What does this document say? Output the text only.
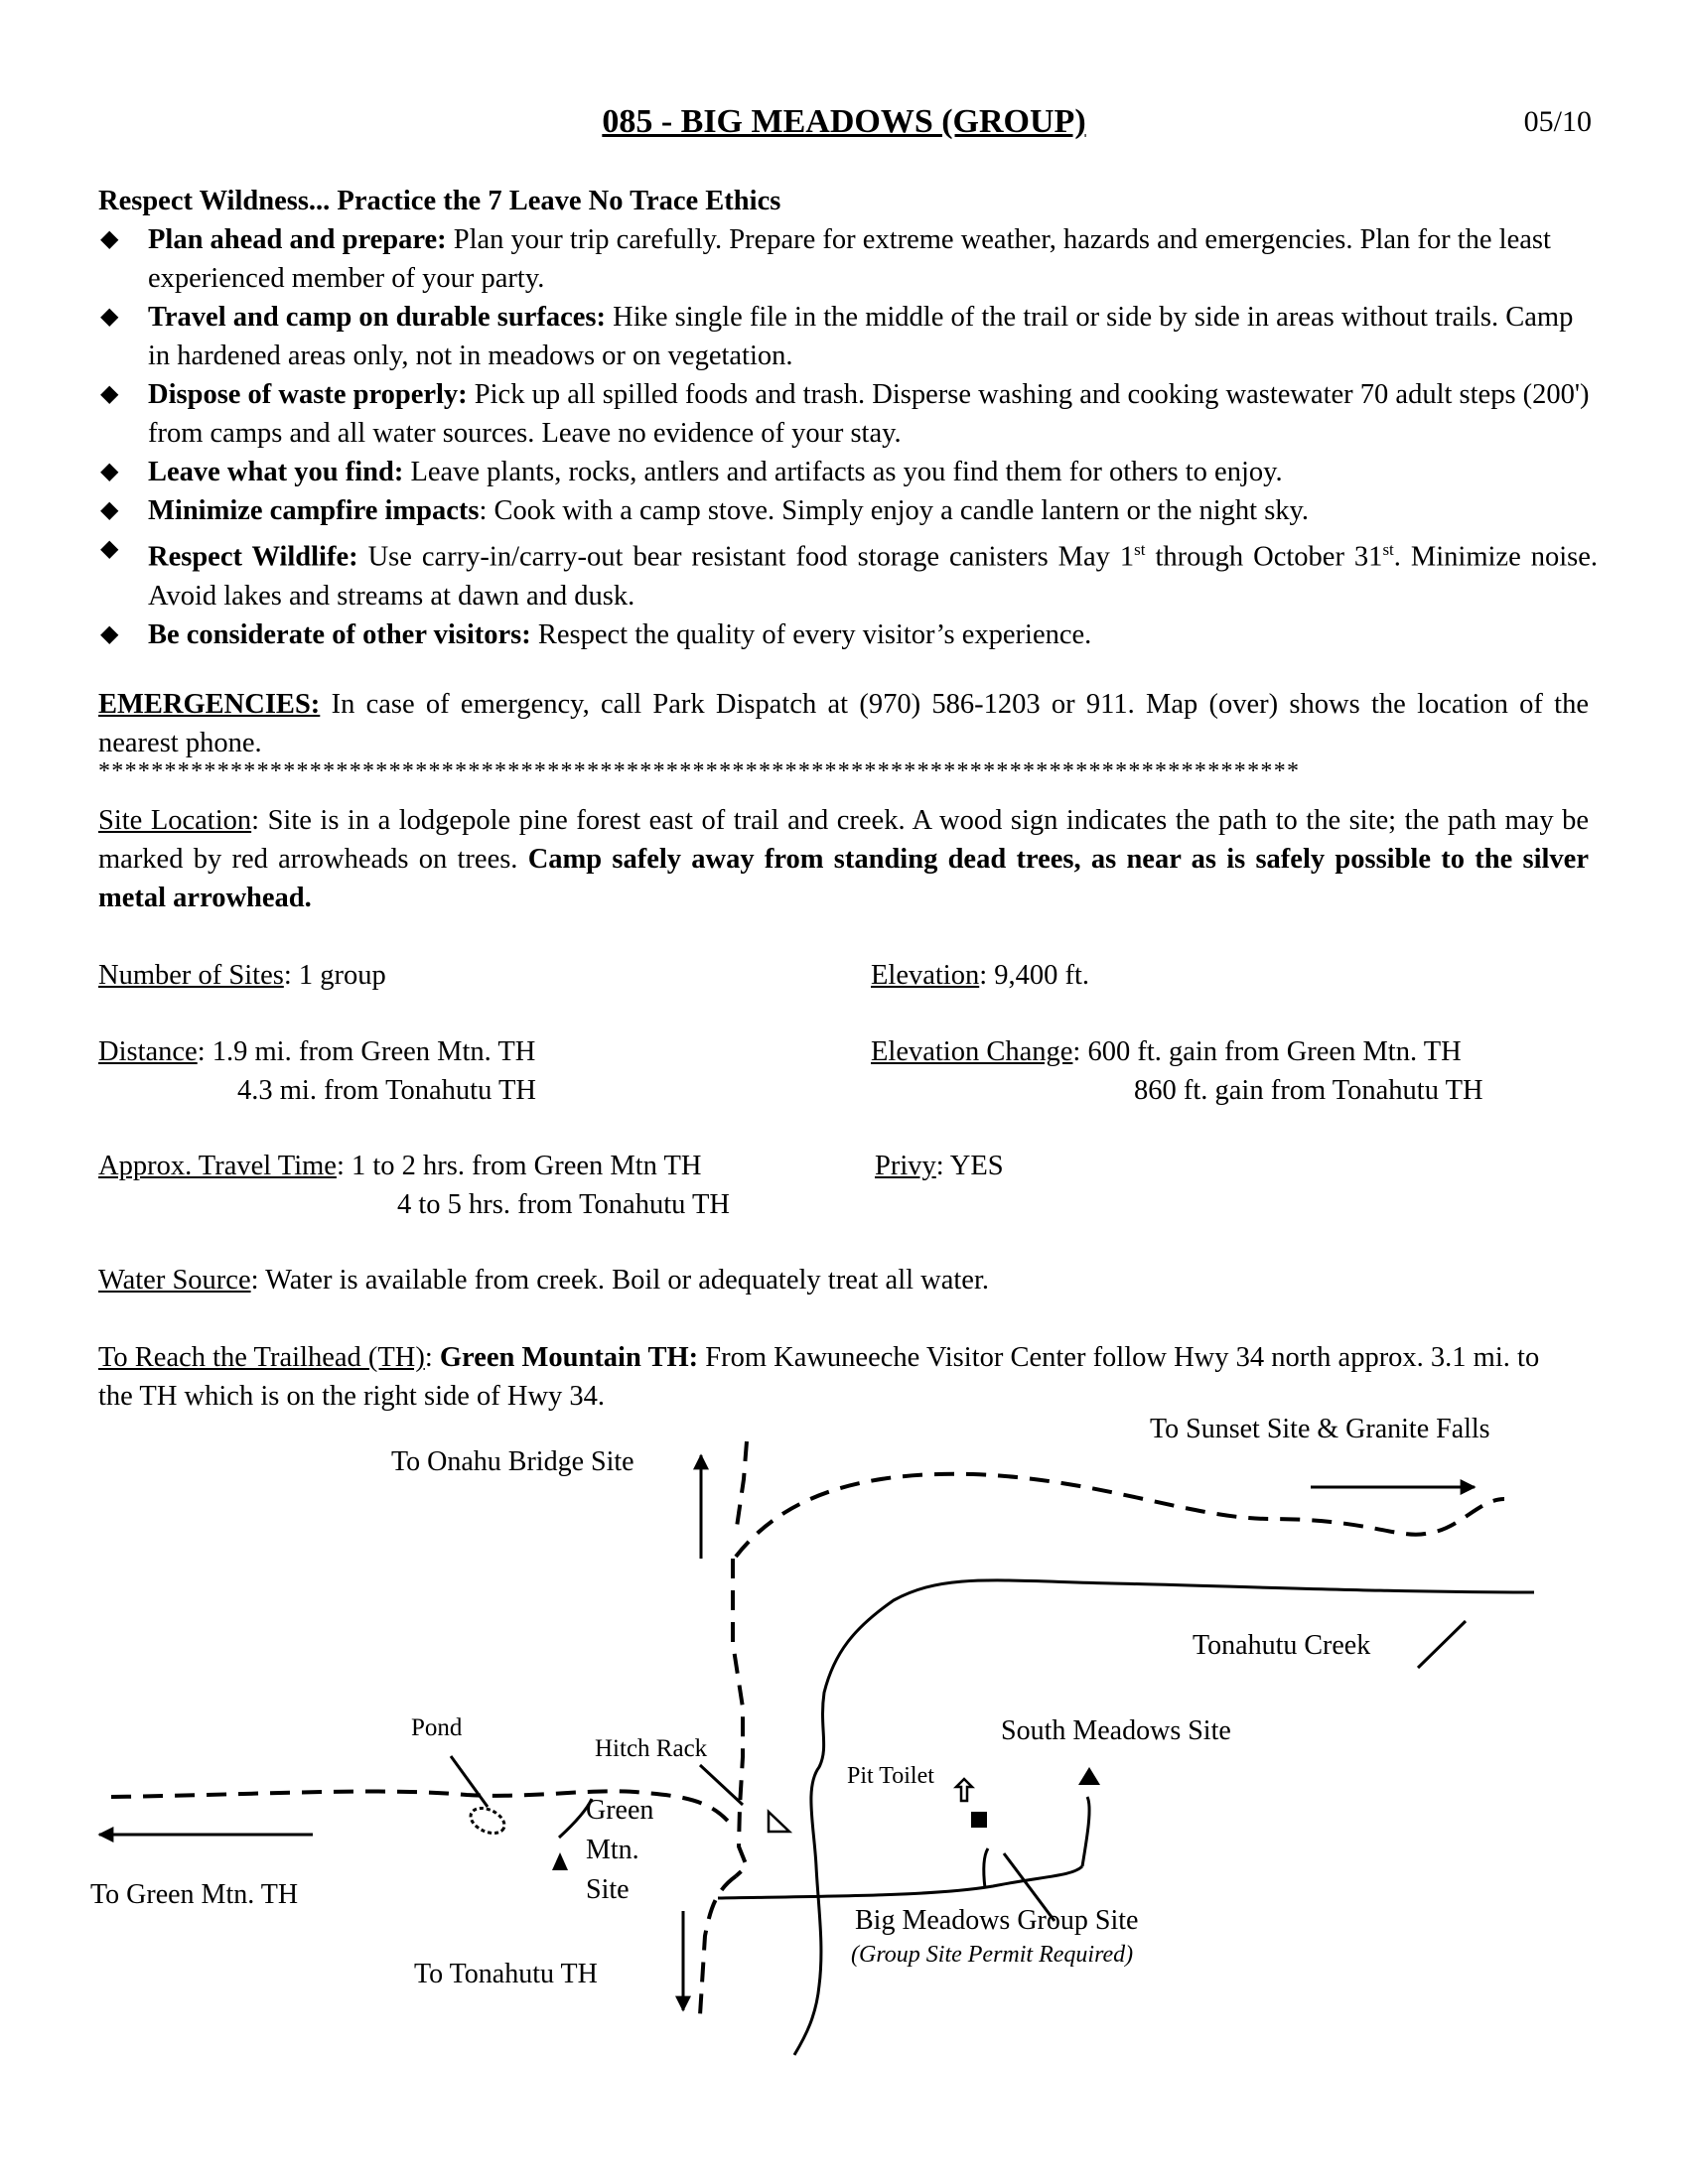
085 - BIG MEADOWS (GROUP)	05/10
Respect Wildness... Practice the 7 Leave No Trace Ethics
◆ Plan ahead and prepare: Plan your trip carefully. Prepare for extreme weather, hazards and emergencies. Plan for the least experienced member of your party.
◆ Travel and camp on durable surfaces: Hike single file in the middle of the trail or side by side in areas without trails. Camp in hardened areas only, not in meadows or on vegetation.
◆ Dispose of waste properly: Pick up all spilled foods and trash. Disperse washing and cooking wastewater 70 adult steps (200') from camps and all water sources. Leave no evidence of your stay.
◆ Leave what you find: Leave plants, rocks, antlers and artifacts as you find them for others to enjoy.
◆ Minimize campfire impacts: Cook with a camp stove. Simply enjoy a candle lantern or the night sky.
◆ Respect Wildlife: Use carry-in/carry-out bear resistant food storage canisters May 1st through October 31st. Minimize noise. Avoid lakes and streams at dawn and dusk.
◆ Be considerate of other visitors: Respect the quality of every visitor’s experience.
EMERGENCIES: In case of emergency, call Park Dispatch at (970) 586-1203 or 911. Map (over) shows the location of the nearest phone.
*******************************************************************************************
Site Location: Site is in a lodgepole pine forest east of trail and creek. A wood sign indicates the path to the site; the path may be marked by red arrowheads on trees. Camp safely away from standing dead trees, as near as is safely possible to the silver metal arrowhead.
Number of Sites: 1 group	Elevation: 9,400 ft.
Distance: 1.9 mi. from Green Mtn. TH
4.3 mi. from Tonahutu TH
Elevation Change: 600 ft. gain from Green Mtn. TH
860 ft. gain from Tonahutu TH
Approx. Travel Time: 1 to 2 hrs. from Green Mtn TH
4 to 5 hrs. from Tonahutu TH
Privy: YES
Water Source: Water is available from creek. Boil or adequately treat all water.
To Reach the Trailhead (TH): Green Mountain TH: From Kawuneeche Visitor Center follow Hwy 34 north approx. 3.1 mi. to the TH which is on the right side of Hwy 34.
To Onahu Bridge Site
To Sunset Site & Granite Falls
Tonahutu Creek
Pond
Hitch Rack
South Meadows Site
Pit Toilet
Green
Mtn.
Site
To Green Mtn. TH
Big Meadows Group Site
(Group Site Permit Required)
To Tonahutu TH
